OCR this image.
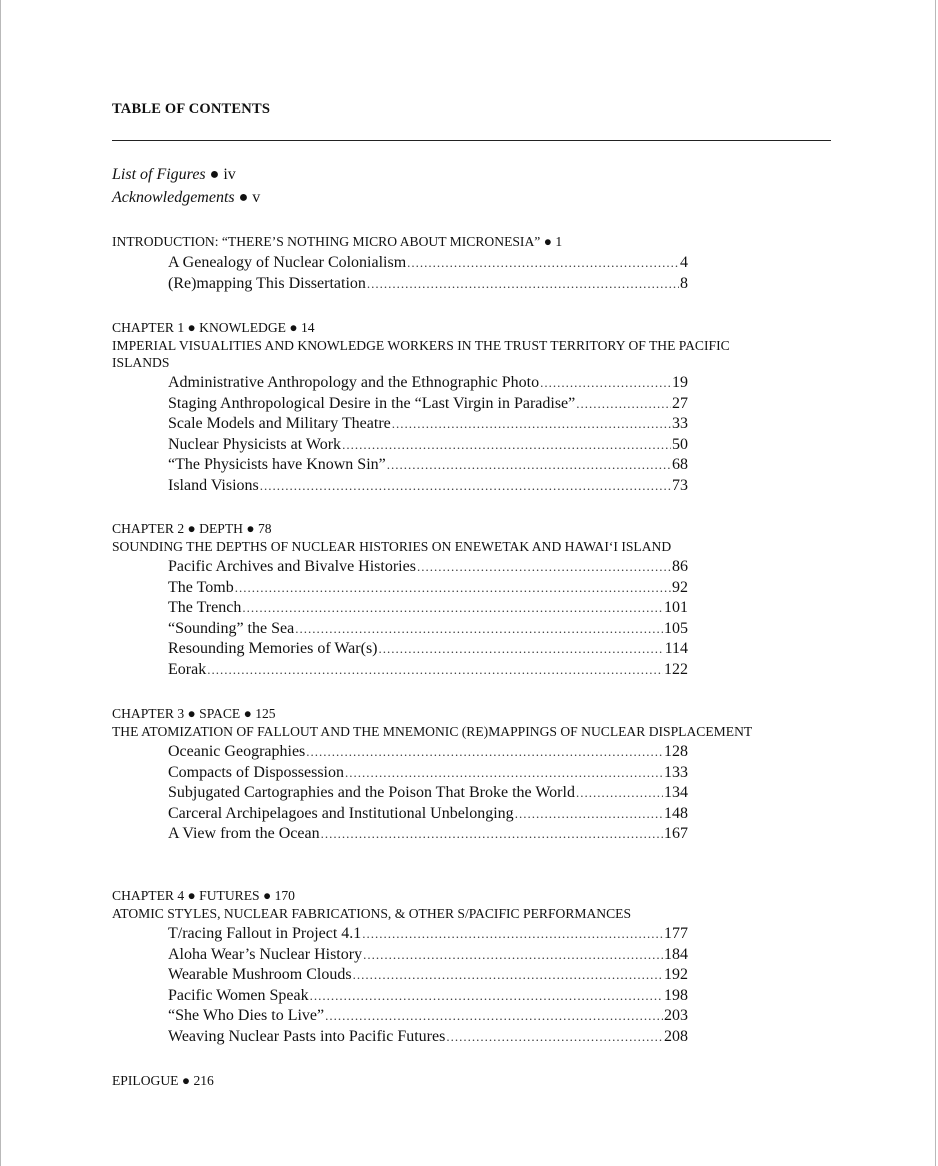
TABLE OF CONTENTS
List of Figures ● iv
Acknowledgements ● v
INTRODUCTION: “THERE’S NOTHING MICRO ABOUT MICRONESIA” ● 1
A Genealogy of Nuclear Colonialism .....	4
(Re)mapping This Dissertation .....	8
CHAPTER 1 ● KNOWLEDGE ● 14
IMPERIAL VISUALITIES AND KNOWLEDGE WORKERS IN THE TRUST TERRITORY OF THE PACIFIC ISLANDS
Administrative Anthropology and the Ethnographic Photo .....	19
Staging Anthropological Desire in the “Last Virgin in Paradise” .....	27
Scale Models and Military Theatre .....	33
Nuclear Physicists at Work .....	50
“The Physicists have Known Sin” .....	68
Island Visions .....	73
CHAPTER 2 ● DEPTH ● 78
SOUNDING THE DEPTHS OF NUCLEAR HISTORIES ON ENEWETAK AND HAWAIʻI ISLAND
Pacific Archives and Bivalve Histories .....	86
The Tomb .....	92
The Trench .....	101
“Sounding” the Sea .....	105
Resounding Memories of War(s) .....	114
Eorak .....	122
CHAPTER 3 ● SPACE ● 125
THE ATOMIZATION OF FALLOUT AND THE MNEMONIC (RE)MAPPINGS OF NUCLEAR DISPLACEMENT
Oceanic Geographies .....	128
Compacts of Dispossession .....	133
Subjugated Cartographies and the Poison That Broke the World .....	134
Carceral Archipelagoes and Institutional Unbelonging .....	148
A View from the Ocean .....	167
CHAPTER 4 ● FUTURES ● 170
ATOMIC STYLES, NUCLEAR FABRICATIONS, & OTHER S/PACIFIC PERFORMANCES
T/racing Fallout in Project 4.1 .....	177
Aloha Wear’s Nuclear History .....	184
Wearable Mushroom Clouds .....	192
Pacific Women Speak .....	198
“She Who Dies to Live” .....	203
Weaving Nuclear Pasts into Pacific Futures .....	208
EPILOGUE ● 216
